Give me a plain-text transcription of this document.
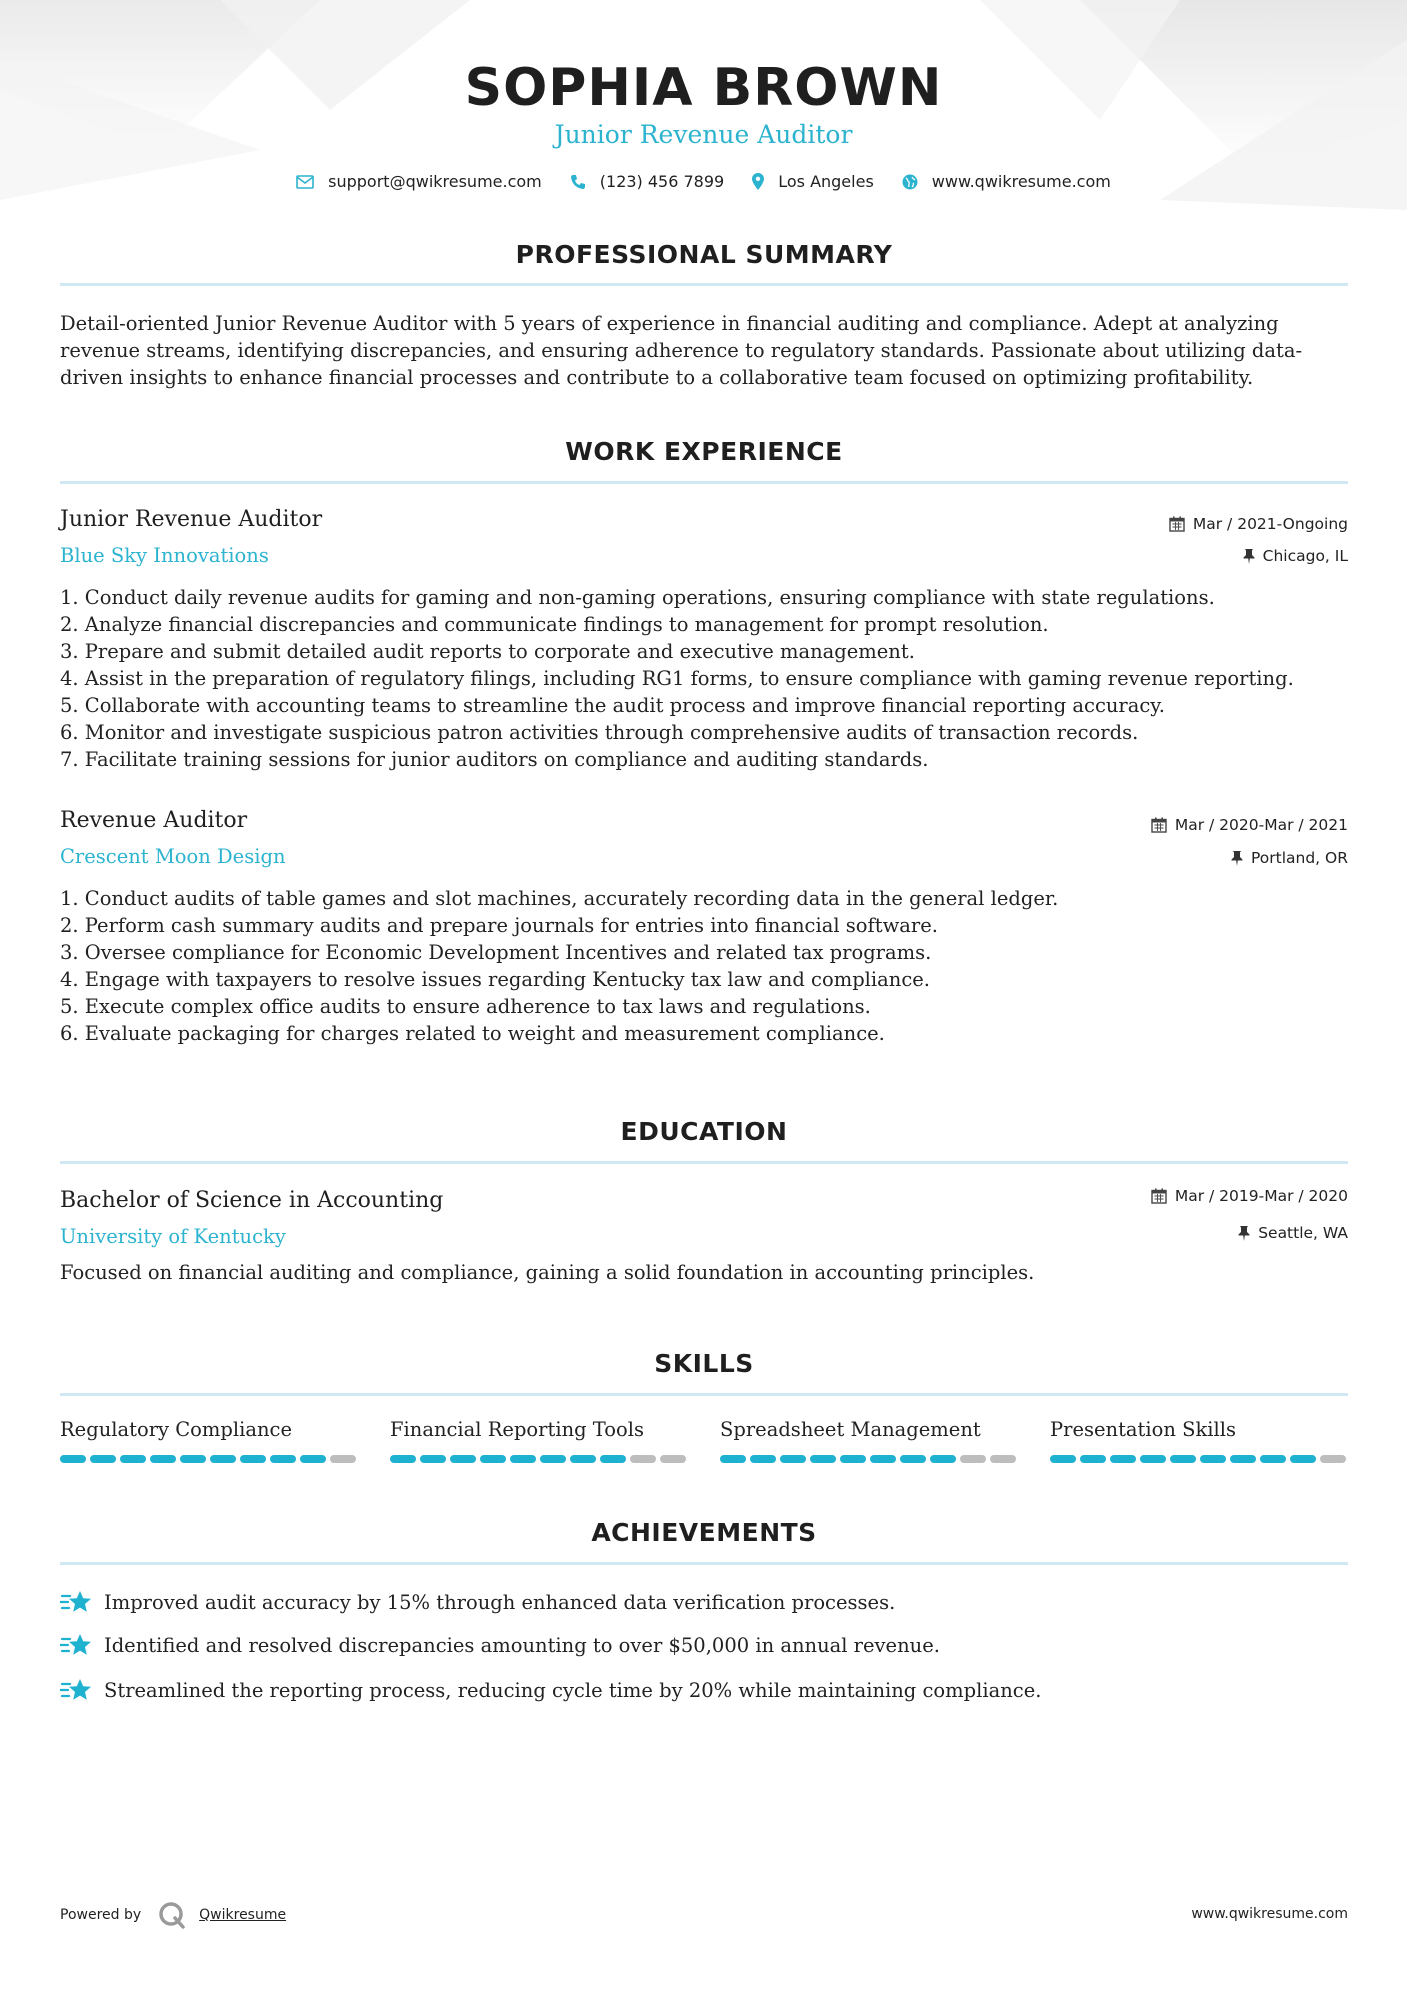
SOPHIA BROWN
Junior Revenue Auditor
support@qwikresume.com	(123) 456 7899	Los Angeles	www.qwikresume.com
PROFESSIONAL SUMMARY
Detail-oriented Junior Revenue Auditor with 5 years of experience in financial auditing and compliance. Adept at analyzing revenue streams, identifying discrepancies, and ensuring adherence to regulatory standards. Passionate about utilizing data-driven insights to enhance financial processes and contribute to a collaborative team focused on optimizing profitability.
WORK EXPERIENCE
Junior Revenue Auditor
Blue Sky Innovations
Mar / 2021-Ongoing
Chicago, IL
1. Conduct daily revenue audits for gaming and non-gaming operations, ensuring compliance with state regulations.
2. Analyze financial discrepancies and communicate findings to management for prompt resolution.
3. Prepare and submit detailed audit reports to corporate and executive management.
4. Assist in the preparation of regulatory filings, including RG1 forms, to ensure compliance with gaming revenue reporting.
5. Collaborate with accounting teams to streamline the audit process and improve financial reporting accuracy.
6. Monitor and investigate suspicious patron activities through comprehensive audits of transaction records.
7. Facilitate training sessions for junior auditors on compliance and auditing standards.
Revenue Auditor
Crescent Moon Design
Mar / 2020-Mar / 2021
Portland, OR
1. Conduct audits of table games and slot machines, accurately recording data in the general ledger.
2. Perform cash summary audits and prepare journals for entries into financial software.
3. Oversee compliance for Economic Development Incentives and related tax programs.
4. Engage with taxpayers to resolve issues regarding Kentucky tax law and compliance.
5. Execute complex office audits to ensure adherence to tax laws and regulations.
6. Evaluate packaging for charges related to weight and measurement compliance.
EDUCATION
Bachelor of Science in Accounting
University of Kentucky
Mar / 2019-Mar / 2020
Seattle, WA
Focused on financial auditing and compliance, gaining a solid foundation in accounting principles.
SKILLS
Regulatory Compliance	Financial Reporting Tools	Spreadsheet Management	Presentation Skills
ACHIEVEMENTS
Improved audit accuracy by 15% through enhanced data verification processes.
Identified and resolved discrepancies amounting to over $50,000 in annual revenue.
Streamlined the reporting process, reducing cycle time by 20% while maintaining compliance.
Powered by	Qwikresume	www.qwikresume.com
